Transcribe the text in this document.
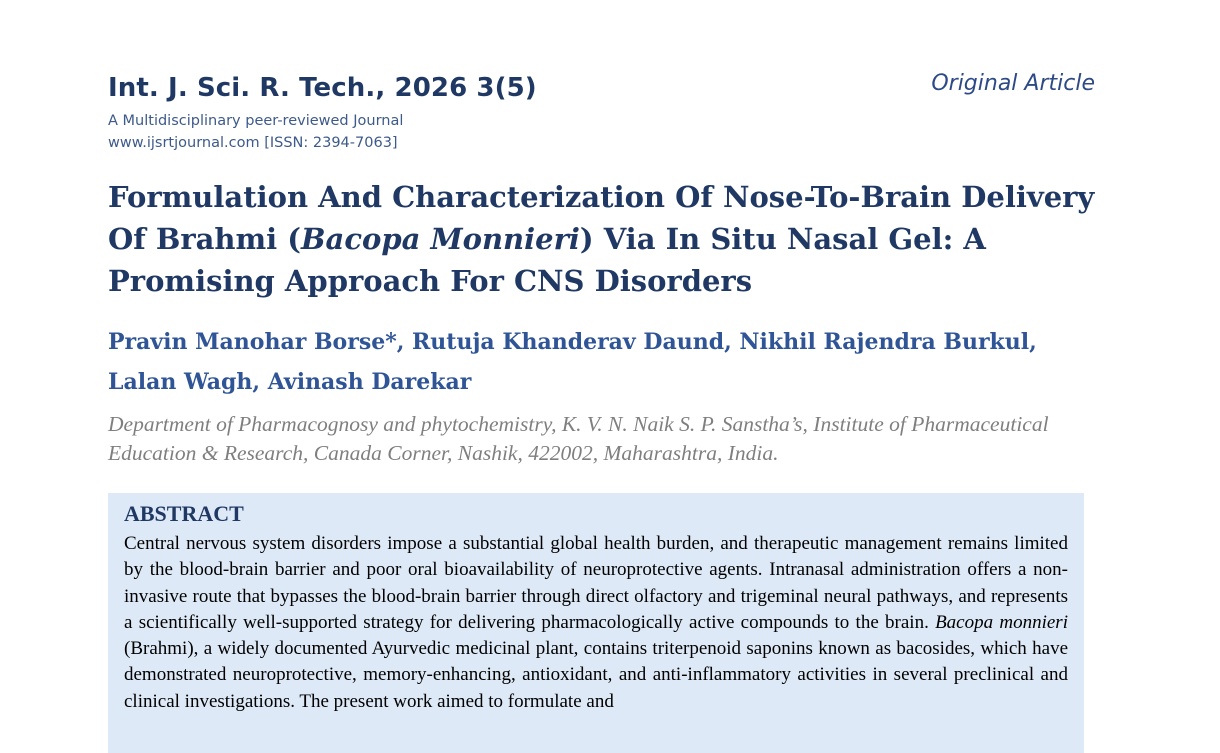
Int. J. Sci. R. Tech., 2026 3(5)
A Multidisciplinary peer-reviewed Journal
www.ijsrtjournal.com [ISSN: 2394-7063]
Original Article
Formulation And Characterization Of Nose-To-Brain Delivery Of Brahmi (Bacopa Monnieri) Via In Situ Nasal Gel: A Promising Approach For CNS Disorders
Pravin Manohar Borse*, Rutuja Khanderav Daund, Nikhil Rajendra Burkul,
Lalan Wagh, Avinash Darekar
Department of Pharmacognosy and phytochemistry, K. V. N. Naik S. P. Sanstha’s, Institute of Pharmaceutical Education & Research, Canada Corner, Nashik, 422002, Maharashtra, India.
ABSTRACT

Central nervous system disorders impose a substantial global health burden, and therapeutic management remains limited by the blood-brain barrier and poor oral bioavailability of neuroprotective agents. Intranasal administration offers a non-invasive route that bypasses the blood-brain barrier through direct olfactory and trigeminal neural pathways, and represents a scientifically well-supported strategy for delivering pharmacologically active compounds to the brain. Bacopa monnieri (Brahmi), a widely documented Ayurvedic medicinal plant, contains triterpenoid saponins known as bacosides, which have demonstrated neuroprotective, memory-enhancing, antioxidant, and anti-inflammatory activities in several preclinical and clinical investigations. The present work aimed to formulate and
